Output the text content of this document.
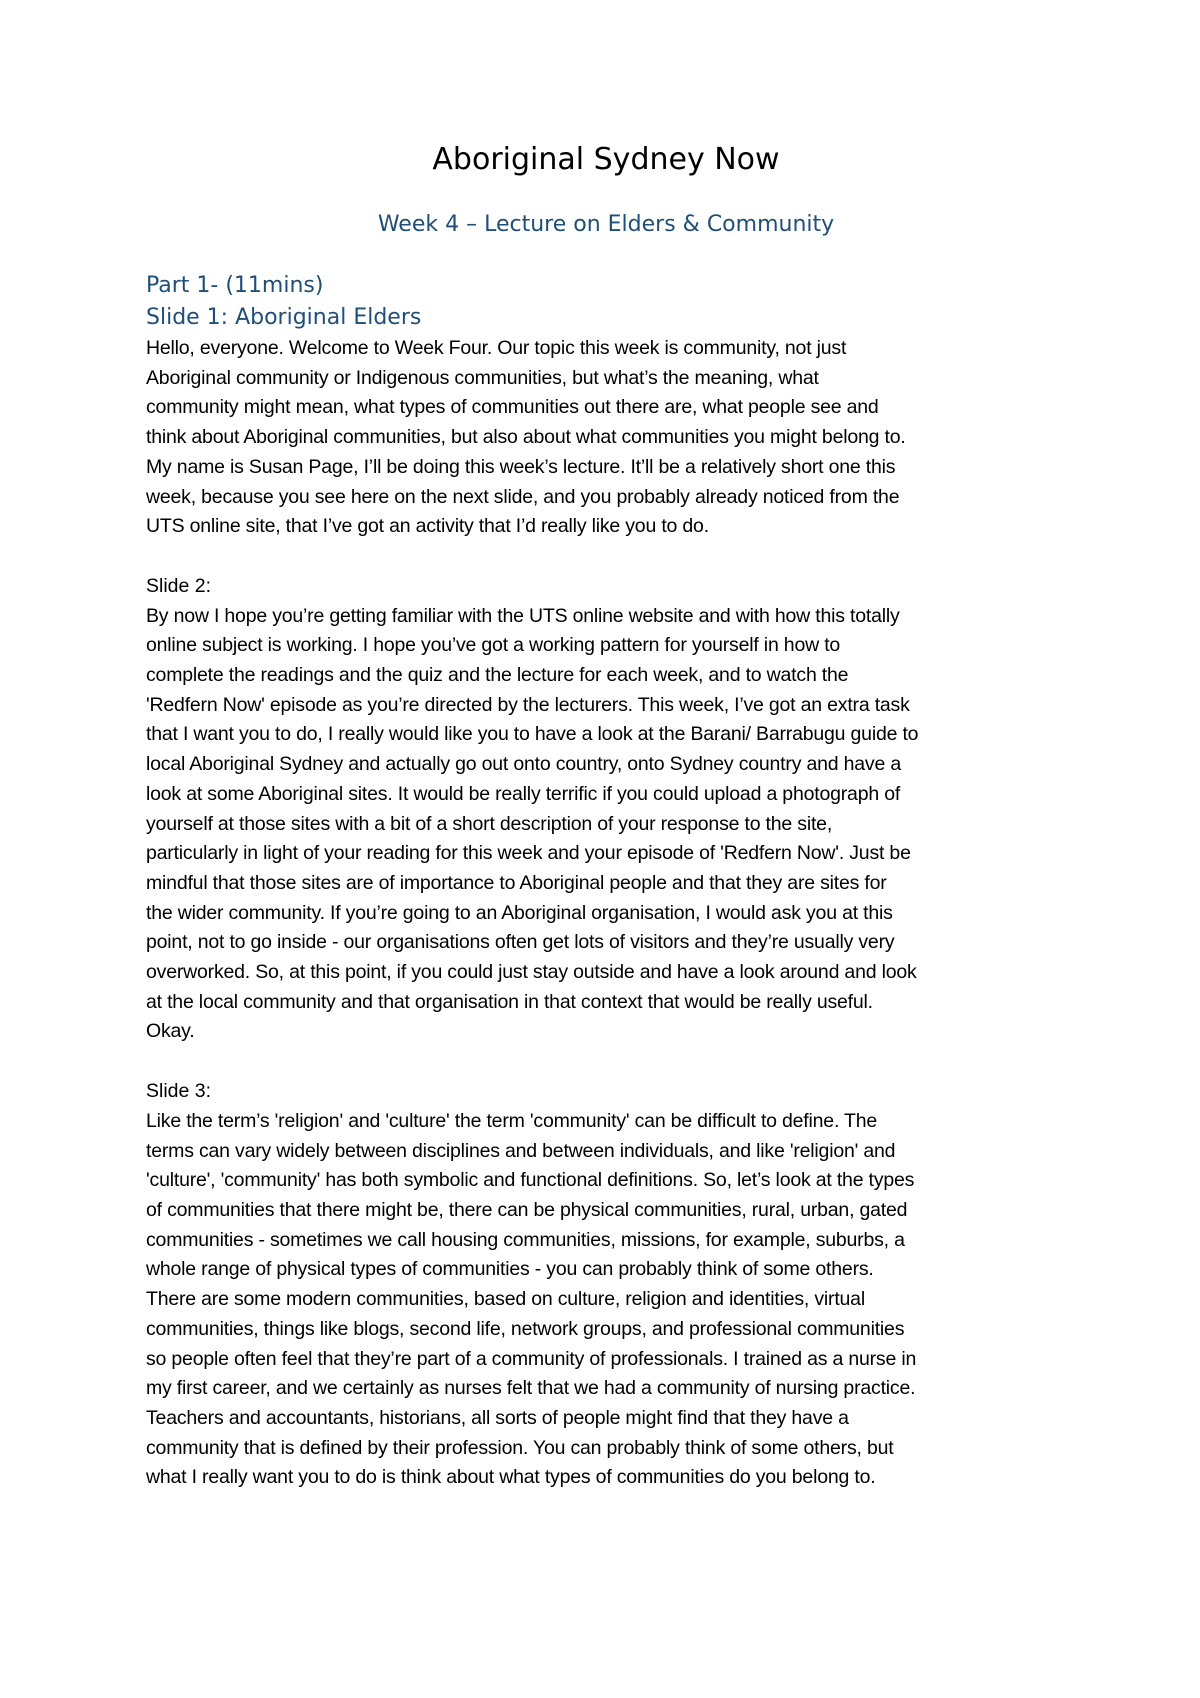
Aboriginal Sydney Now
Week 4 – Lecture on Elders & Community
Part 1- (11mins)
Slide 1: Aboriginal Elders

Hello, everyone. Welcome to Week Four. Our topic this week is community, not just
Aboriginal community or Indigenous communities, but what’s the meaning, what
community might mean, what types of communities out there are, what people see and
think about Aboriginal communities, but also about what communities you might belong to.
My name is Susan Page, I’ll be doing this week’s lecture. It’ll be a relatively short one this
week, because you see here on the next slide, and you probably already noticed from the
UTS online site, that I’ve got an activity that I’d really like you to do.

Slide 2:

By now I hope you’re getting familiar with the UTS online website and with how this totally
online subject is working. I hope you’ve got a working pattern for yourself in how to
complete the readings and the quiz and the lecture for each week, and to watch the
'Redfern Now' episode as you’re directed by the lecturers. This week, I’ve got an extra task
that I want you to do, I really would like you to have a look at the Barani/ Barrabugu guide to
local Aboriginal Sydney and actually go out onto country, onto Sydney country and have a
look at some Aboriginal sites. It would be really terrific if you could upload a photograph of
yourself at those sites with a bit of a short description of your response to the site,
particularly in light of your reading for this week and your episode of 'Redfern Now'. Just be
mindful that those sites are of importance to Aboriginal people and that they are sites for
the wider community. If you’re going to an Aboriginal organisation, I would ask you at this
point, not to go inside - our organisations often get lots of visitors and they’re usually very
overworked. So, at this point, if you could just stay outside and have a look around and look
at the local community and that organisation in that context that would be really useful.
Okay.

Slide 3:

Like the term’s 'religion' and 'culture' the term 'community' can be difficult to define. The
terms can vary widely between disciplines and between individuals, and like 'religion' and
'culture', 'community' has both symbolic and functional definitions. So, let’s look at the types
of communities that there might be, there can be physical communities, rural, urban, gated
communities - sometimes we call housing communities, missions, for example, suburbs, a
whole range of physical types of communities - you can probably think of some others.
There are some modern communities, based on culture, religion and identities, virtual
communities, things like blogs, second life, network groups, and professional communities
so people often feel that they’re part of a community of professionals. I trained as a nurse in
my first career, and we certainly as nurses felt that we had a community of nursing practice.
Teachers and accountants, historians, all sorts of people might find that they have a
community that is defined by their profession. You can probably think of some others, but
what I really want you to do is think about what types of communities do you belong to.
